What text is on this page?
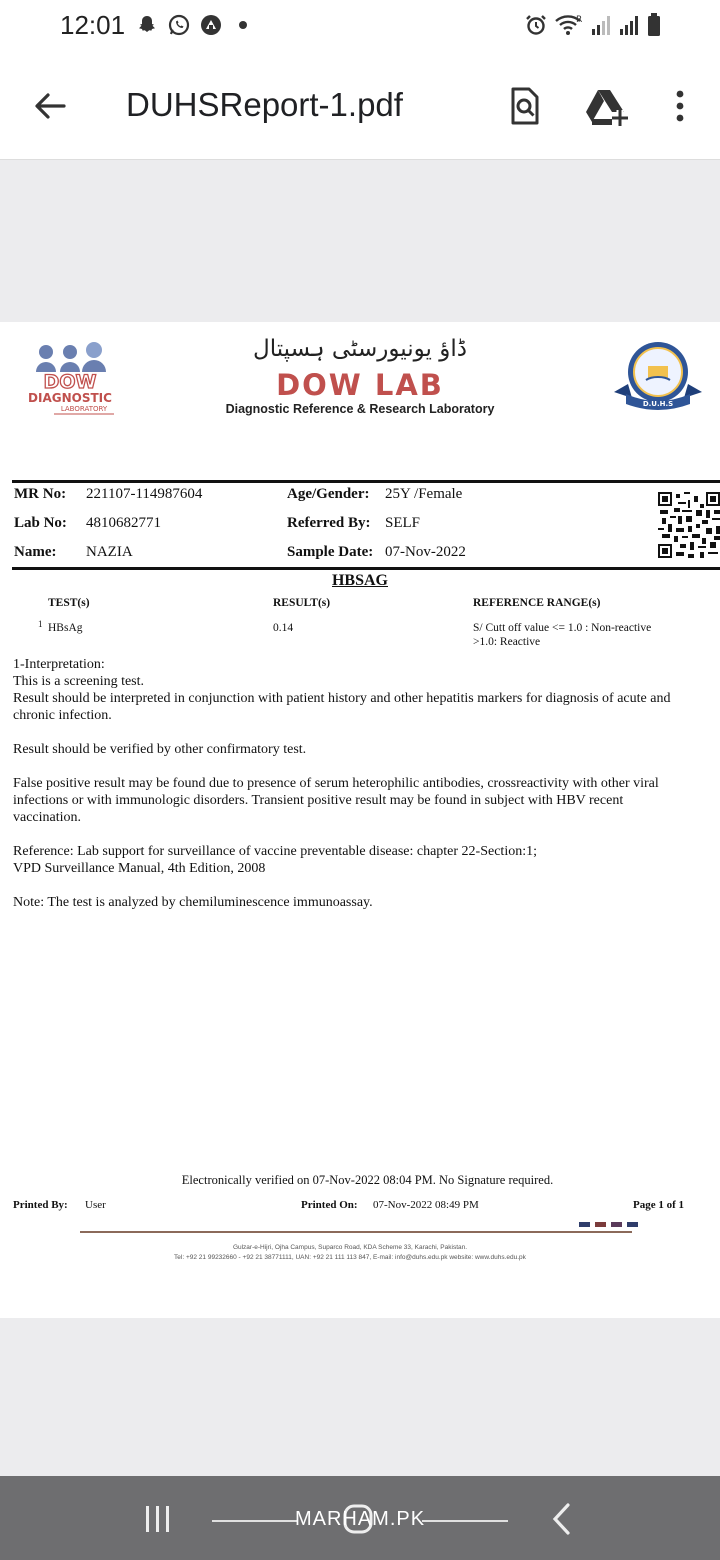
12:01	R
DUHSReport-1.pdf
DOW
DIAGNOSTIC
LABORATORY
ڈاؤ یونیورسٹی ہسپتال
DOW LAB
Diagnostic Reference & Research Laboratory	D.U.H.S
MR No: 221107-114987604	Age/Gender: 25Y /Female
Lab No: 4810682771	Referred By: SELF
Name: NAZIA	Sample Date: 07-Nov-2022
HBSAG
TEST(s)	RESULT(s)	REFERENCE RANGE(s)
1 HBsAg	0.14	S/ Cutt off value <= 1.0 : Non-reactive
>1.0: Reactive

1-Interpretation:

This is a screening test.

Result should be interpreted in conjunction with patient history and other hepatitis markers for diagnosis of acute and

chronic infection.

Result should be verified by other confirmatory test.

False positive result may be found due to presence of serum heterophilic antibodies, crossreactivity with other viral

infections or with immunologic disorders. Transient positive result may be found in subject with HBV recent

vaccination.

Reference: Lab support for surveillance of vaccine preventable disease: chapter 22-Section:1;

VPD Surveillance Manual, 4th Edition, 2008

Note: The test is analyzed by chemiluminescence immunoassay.

Electronically verified on 07-Nov-2022 08:04 PM. No Signature required.
Printed By: User	Printed On: 07-Nov-2022 08:49 PM	Page 1 of 1
Gulzar-e-Hijri, Ojha Campus, Suparco Road, KDA Scheme 33, Karachi, Pakistan.
Tel: +92 21 99232660 - +92 21 38771111, UAN: +92 21 111 113 847, E-mail: info@duhs.edu.pk website: www.duhs.edu.pk
MARHAM.PK
